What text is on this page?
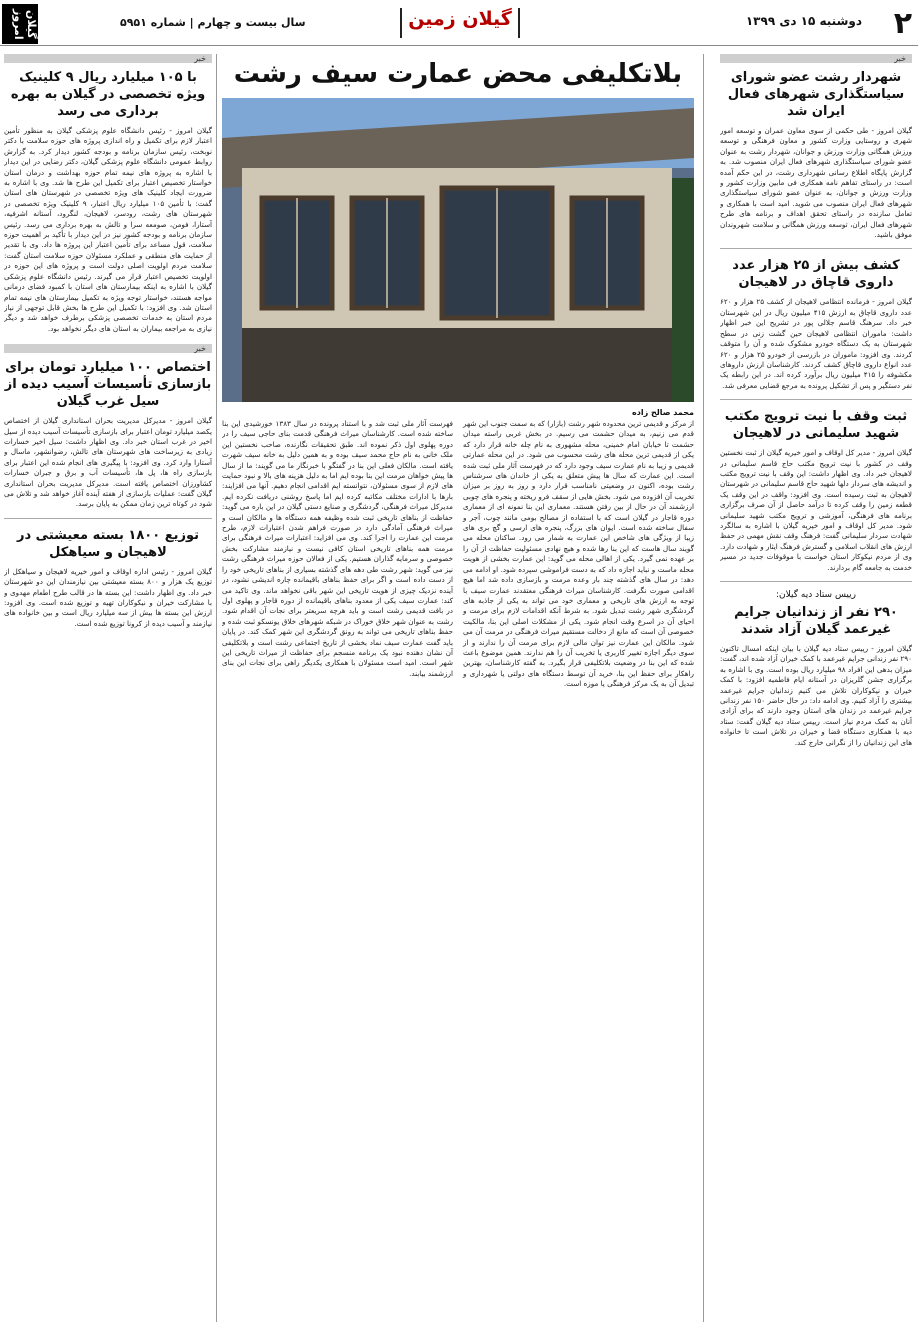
۲
دوشنبه ۱۵ دی ۱۳۹۹
گیلان زمین
سال بیست و چهارم | شماره ۵۹۵۱
گیلان امروز
خبر
شهردار رشت عضو شورای سیاستگذاری شهرهای فعال ایران شد
گیلان امروز - طی حکمی از سوی معاون عمران و توسعه امور شهری و روستایی وزارت کشور و معاون فرهنگی و توسعه ورزش همگانی وزارت ورزش و جوانان، شهردار رشت به عنوان عضو شورای سیاستگذاری شهرهای فعال ایران منصوب شد. به گزارش پایگاه اطلاع رسانی شهرداری رشت، در این حکم آمده است: در راستای تفاهم نامه همکاری فی مابین وزارت کشور و وزارت ورزش و جوانان، به عنوان عضو شورای سیاستگذاری شهرهای فعال ایران منصوب می شوید. امید است با همکاری و تعامل سازنده در راستای تحقق اهداف و برنامه های طرح شهرهای فعال ایران، توسعه ورزش همگانی و سلامت شهروندان موفق باشید.
کشف بیش از ۲۵ هزار عدد داروی قاچاق در لاهیجان
گیلان امروز - فرمانده انتظامی لاهیجان از کشف ۲۵ هزار و ۶۲۰ عدد داروی قاچاق به ارزش ۴۱۵ میلیون ریال در این شهرستان خبر داد. سرهنگ قاسم جلالی پور در تشریح این خبر اظهار داشت: ماموران انتظامی لاهیجان حین گشت زنی در سطح شهرستان به یک دستگاه خودرو مشکوک شده و آن را متوقف کردند. وی افزود: ماموران در بازرسی از خودرو ۲۵ هزار و ۶۲۰ عدد انواع داروی قاچاق کشف کردند. کارشناسان ارزش داروهای مکشوفه را ۴۱۵ میلیون ریال برآورد کرده اند. در این رابطه یک نفر دستگیر و پس از تشکیل پرونده به مرجع قضایی معرفی شد.
ثبت وقف با نیت ترویج مکتب شهید سلیمانی در لاهیجان
گیلان امروز - مدیر کل اوقاف و امور خیریه گیلان از ثبت نخستین وقف در کشور با نیت ترویج مکتب حاج قاسم سلیمانی در لاهیجان خبر داد. وی اظهار داشت: این وقف با نیت ترویج مکتب و اندیشه های سردار دلها شهید حاج قاسم سلیمانی در شهرستان لاهیجان به ثبت رسیده است. وی افزود: واقف در این وقف یک قطعه زمین را وقف کرده تا درآمد حاصل از آن صرف برگزاری برنامه های فرهنگی، آموزشی و ترویج مکتب شهید سلیمانی شود. مدیر کل اوقاف و امور خیریه گیلان با اشاره به سالگرد شهادت سردار سلیمانی گفت: فرهنگ وقف نقش مهمی در حفظ ارزش های انقلاب اسلامی و گسترش فرهنگ ایثار و شهادت دارد. وی از مردم نیکوکار استان خواست با موقوفات جدید در مسیر خدمت به جامعه گام بردارند.
رییس ستاد دیه گیلان:
۲۹۰ نفر از زندانیان جرایم غیرعمد گیلان آزاد شدند
گیلان امروز - رییس ستاد دیه گیلان با بیان اینکه امسال تاکنون ۲۹۰ نفر زندانی جرایم غیرعمد با کمک خیران آزاد شده اند، گفت: میزان بدهی این افراد ۹۸ میلیارد ریال بوده است. وی با اشاره به برگزاری جشن گلریزان در آستانه ایام فاطمیه افزود: با کمک خیران و نیکوکاران تلاش می کنیم زندانیان جرایم غیرعمد بیشتری را آزاد کنیم. وی ادامه داد: در حال حاضر ۱۵۰ نفر زندانی جرایم غیرعمد در زندان های استان وجود دارند که برای آزادی آنان به کمک مردم نیاز است. رییس ستاد دیه گیلان گفت: ستاد دیه با همکاری دستگاه قضا و خیران در تلاش است تا خانواده های این زندانیان را از نگرانی خارج کند.
بلاتکلیفی محض عمارت سیف رشت
محمد صالح زاده
از مرکز و قدیمی ترین محدوده شهر رشت (بازار) که به سمت جنوب این شهر قدم می زنیم، به میدان حشمت می رسیم. در بخش غربی راسته میدان حشمت تا خیابان امام خمینی، محله مشهوری به نام چله خانه قرار دارد که یکی از قدیمی ترین محله های رشت محسوب می شود. در این محله عمارتی قدیمی و زیبا به نام عمارت سیف وجود دارد که در فهرست آثار ملی ثبت شده است. این عمارت که سال ها پیش متعلق به یکی از خاندان های سرشناس رشت بوده، اکنون در وضعیتی نامناسب قرار دارد و روز به روز بر میزان تخریب آن افزوده می شود. بخش هایی از سقف فرو ریخته و پنجره های چوبی ارزشمند آن در حال از بین رفتن هستند. معماری این بنا نمونه ای از معماری دوره قاجار در گیلان است که با استفاده از مصالح بومی مانند چوب، آجر و سفال ساخته شده است. ایوان های بزرگ، پنجره های ارسی و گچ بری های زیبا از ویژگی های شاخص این عمارت به شمار می رود. ساکنان محله می گویند سال هاست که این بنا رها شده و هیچ نهادی مسئولیت حفاظت از آن را بر عهده نمی گیرد. یکی از اهالی محله می گوید: این عمارت بخشی از هویت محله ماست و نباید اجازه داد که به دست فراموشی سپرده شود. او ادامه می دهد: در سال های گذشته چند بار وعده مرمت و بازسازی داده شد اما هیچ اقدامی صورت نگرفت. کارشناسان میراث فرهنگی معتقدند عمارت سیف با توجه به ارزش های تاریخی و معماری خود می تواند به یکی از جاذبه های گردشگری شهر رشت تبدیل شود. به شرط آنکه اقدامات لازم برای مرمت و احیای آن در اسرع وقت انجام شود. یکی از مشکلات اصلی این بنا، مالکیت خصوصی آن است که مانع از دخالت مستقیم میراث فرهنگی در مرمت آن می شود. مالکان این عمارت نیز توان مالی لازم برای مرمت آن را ندارند و از سوی دیگر اجازه تغییر کاربری یا تخریب آن را هم ندارند. همین موضوع باعث شده که این بنا در وضعیت بلاتکلیفی قرار بگیرد. به گفته کارشناسان، بهترین راهکار برای حفظ این بنا، خرید آن توسط دستگاه های دولتی یا شهرداری و تبدیل آن به یک مرکز فرهنگی یا موزه است.
فهرست آثار ملی ثبت شد و با استناد پرونده در سال ۱۳۸۳ خورشیدی این بنا ساخته شده است. کارشناسان میراث فرهنگی قدمت بنای حاجی سیف را در دوره پهلوی اول ذکر نموده اند. طبق تحقیقات نگارنده، صاحب نخستین این ملک خانی به نام حاج محمد سیف بوده و به همین دلیل به خانه سیف شهرت یافته است. مالکان فعلی این بنا در گفتگو با خبرنگار ما می گویند: ما از سال ها پیش خواهان مرمت این بنا بوده ایم اما به دلیل هزینه های بالا و نبود حمایت های لازم از سوی مسئولان، نتوانسته ایم اقدامی انجام دهیم. آنها می افزایند: بارها با ادارات مختلف مکاتبه کرده ایم اما پاسخ روشنی دریافت نکرده ایم. مدیرکل میراث فرهنگی، گردشگری و صنایع دستی گیلان در این باره می گوید: حفاظت از بناهای تاریخی ثبت شده وظیفه همه دستگاه ها و مالکان است و میراث فرهنگی آمادگی دارد در صورت فراهم شدن اعتبارات لازم، طرح مرمت این عمارت را اجرا کند. وی می افزاید: اعتبارات میراث فرهنگی برای مرمت همه بناهای تاریخی استان کافی نیست و نیازمند مشارکت بخش خصوصی و سرمایه گذاران هستیم. یکی از فعالان حوزه میراث فرهنگی رشت نیز می گوید: شهر رشت طی دهه های گذشته بسیاری از بناهای تاریخی خود را از دست داده است و اگر برای حفظ بناهای باقیمانده چاره اندیشی نشود، در آینده نزدیک چیزی از هویت تاریخی این شهر باقی نخواهد ماند. وی تاکید می کند: عمارت سیف یکی از معدود بناهای باقیمانده از دوره قاجار و پهلوی اول در بافت قدیمی رشت است و باید هرچه سریعتر برای نجات آن اقدام شود. رشت به عنوان شهر خلاق خوراک در شبکه شهرهای خلاق یونسکو ثبت شده و حفظ بناهای تاریخی می تواند به رونق گردشگری این شهر کمک کند. در پایان باید گفت عمارت سیف نماد بخشی از تاریخ اجتماعی رشت است و بلاتکلیفی آن نشان دهنده نبود یک برنامه منسجم برای حفاظت از میراث تاریخی این شهر است. امید است مسئولان با همکاری یکدیگر راهی برای نجات این بنای ارزشمند بیابند.
خبر
با ۱۰۵ میلیارد ریال ۹ کلینیک ویژه تخصصی در گیلان به بهره برداری می رسد
گیلان امروز - رئیس دانشگاه علوم پزشکی گیلان به منظور تأمین اعتبار لازم برای تکمیل و راه اندازی پروژه های حوزه سلامت با دکتر نوبخت، رئیس سازمان برنامه و بودجه کشور دیدار کرد. به گزارش روابط عمومی دانشگاه علوم پزشکی گیلان، دکتر رضایی در این دیدار با اشاره به پروژه های نیمه تمام حوزه بهداشت و درمان استان خواستار تخصیص اعتبار برای تکمیل این طرح ها شد. وی با اشاره به ضرورت ایجاد کلینیک های ویژه تخصصی در شهرستان های استان گفت: با تأمین ۱۰۵ میلیارد ریال اعتبار، ۹ کلینیک ویژه تخصصی در شهرستان های رشت، رودسر، لاهیجان، لنگرود، آستانه اشرفیه، آستارا، فومن، صومعه سرا و تالش به بهره برداری می رسد. رئیس سازمان برنامه و بودجه کشور نیز در این دیدار با تأکید بر اهمیت حوزه سلامت، قول مساعد برای تأمین اعتبار این پروژه ها داد. وی با تقدیر از حمایت های منطقی و عملکرد مسئولان حوزه سلامت استان گفت: سلامت مردم اولویت اصلی دولت است و پروژه های این حوزه در اولویت تخصیص اعتبار قرار می گیرند. رئیس دانشگاه علوم پزشکی گیلان با اشاره به اینکه بیمارستان های استان با کمبود فضای درمانی مواجه هستند، خواستار توجه ویژه به تکمیل بیمارستان های نیمه تمام استان شد. وی افزود: با تکمیل این طرح ها بخش قابل توجهی از نیاز مردم استان به خدمات تخصصی پزشکی برطرف خواهد شد و دیگر نیازی به مراجعه بیماران به استان های دیگر نخواهد بود.
خبر
اختصاص ۱۰۰ میلیارد تومان برای بازسازی تأسیسات آسیب دیده از سیل غرب گیلان
گیلان امروز - مدیرکل مدیریت بحران استانداری گیلان از اختصاص یکصد میلیارد تومان اعتبار برای بازسازی تأسیسات آسیب دیده از سیل اخیر در غرب استان خبر داد. وی اظهار داشت: سیل اخیر خسارات زیادی به زیرساخت های شهرستان های تالش، رضوانشهر، ماسال و آستارا وارد کرد. وی افزود: با پیگیری های انجام شده این اعتبار برای بازسازی راه ها، پل ها، تأسیسات آب و برق و جبران خسارات کشاورزان اختصاص یافته است. مدیرکل مدیریت بحران استانداری گیلان گفت: عملیات بازسازی از هفته آینده آغاز خواهد شد و تلاش می شود در کوتاه ترین زمان ممکن به پایان برسد.
توزیع ۱۸۰۰ بسته معیشتی در لاهیجان و سیاهکل
گیلان امروز - رئیس اداره اوقاف و امور خیریه لاهیجان و سیاهکل از توزیع یک هزار و ۸۰۰ بسته معیشتی بین نیازمندان این دو شهرستان خبر داد. وی اظهار داشت: این بسته ها در قالب طرح اطعام مهدوی و با مشارکت خیران و نیکوکاران تهیه و توزیع شده است. وی افزود: ارزش این بسته ها بیش از سه میلیارد ریال است و بین خانواده های نیازمند و آسیب دیده از کرونا توزیع شده است.
